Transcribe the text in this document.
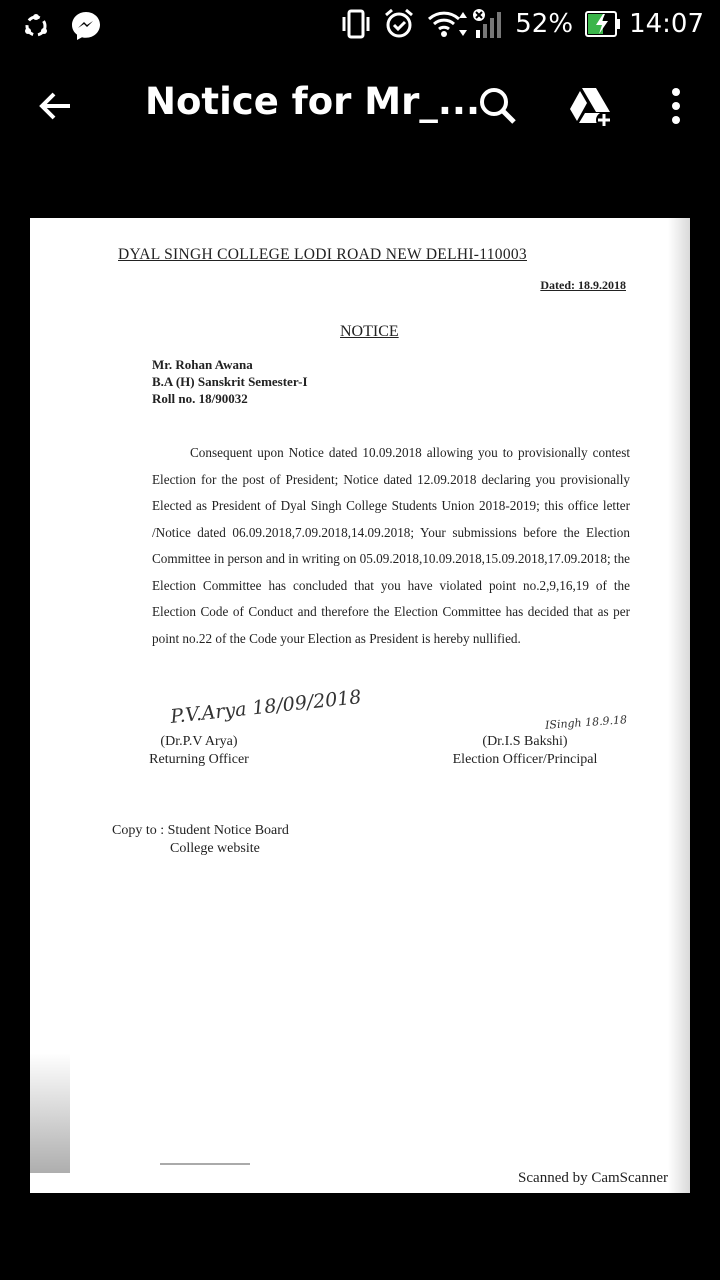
52% 14:07
Notice for Mr_...
DYAL SINGH COLLEGE LODI ROAD NEW DELHI-110003
Dated: 18.9.2018
NOTICE
Mr. Rohan Awana
B.A (H) Sanskrit Semester-I
Roll no. 18/90032
Consequent upon Notice dated 10.09.2018 allowing you to provisionally contest Election for the post of President; Notice dated 12.09.2018 declaring you provisionally Elected as President of Dyal Singh College Students Union 2018-2019; this office letter /Notice dated 06.09.2018,7.09.2018,14.09.2018; Your submissions before the Election Committee in person and in writing on 05.09.2018,10.09.2018,15.09.2018,17.09.2018; the Election Committee has concluded that you have violated point no.2,9,16,19 of the Election Code of Conduct and therefore the Election Committee has decided that as per point no.22 of the Code your Election as President is hereby nullified.
P.V.Arya 18/09/2018	ISingh 18.9.18
(Dr.P.V Arya)
Returning Officer
(Dr.I.S Bakshi)
Election Officer/Principal
Copy to : Student Notice Board
College website
Scanned by CamScanner
